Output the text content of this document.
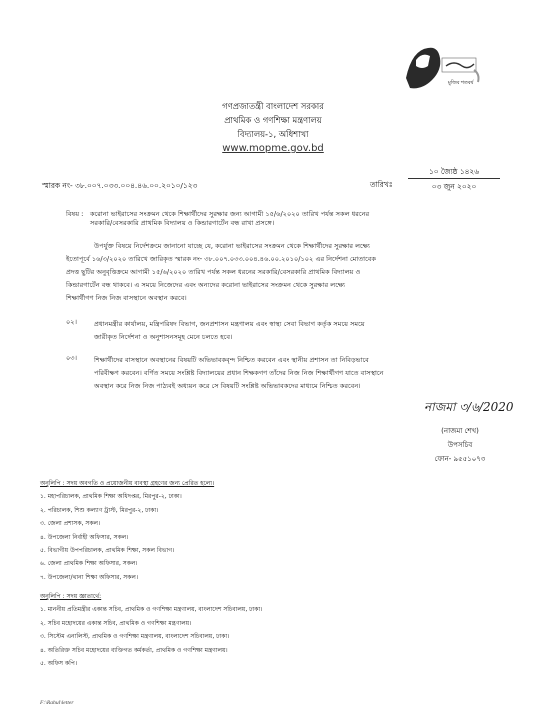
মুজিব শতবর্ষ
গণপ্রজাতন্ত্রী বাংলাদেশ সরকার
প্রাথমিক ও গণশিক্ষা মন্ত্রণালয়
বিদ্যালয়-১, অধিশাখা
www.mopme.gov.bd
স্মারক নং- ৩৮.০০৭.০৩৩.০০৪.৪৬.০০.২০১০/১২৩	তারিখঃ
১০ জ্যৈষ্ঠ ১৪২৬
০৩ জুন ২০২০
বিষয় : করোনা ভাইরাসের সংক্রমন থেকে শিক্ষার্থীদের সুরক্ষার জন্য আগামী ১৫/৬/২০২০ তারিখ পর্যন্ত সকল ধরনের
সরকারি/বেসরকারি প্রাথমিক বিদ্যালয় ও কিন্ডারগার্টেন বন্ধ রাখা প্রসঙ্গে।
উপর্যুক্ত বিষয়ে নির্দেশক্রমে জানানো যাচ্ছে যে, করোনা ভাইরাসের সংক্রমন থেকে শিক্ষার্থীদের সুরক্ষার লক্ষ্যে
ইতোপূর্বে ১৬/৩/২০২০ তারিখে জারিকৃত স্মারক নং- ৩৮.০০৭.০৩৩.০০৪.৪৬.০০.২০১০/১০২ এর নির্দেশনা মোতাবেক
প্রদত্ত ছুটির অনুবৃত্তিক্রমে আগামী ১৫/৬/২০২০ তারিখ পর্যন্ত সকল ধরনের সরকারি/বেসরকারি প্রাথমিক বিদ্যালয় ও
কিন্ডারগার্টেন বন্ধ থাকবে। এ সময়ে নিজেদের এবং অন্যদের করোনা ভাইরাসের সংক্রমন থেকে সুরক্ষার লক্ষ্যে
শিক্ষার্থীগণ নিজ নিজ বাসস্থানে অবস্থান করবে।
০২।	প্রধানমন্ত্রীর কার্যালয়, মন্ত্রিপরিষদ বিভাগ, জনপ্রশাসন মন্ত্রণালয় এবং স্বাস্থ্য সেবা বিভাগ কর্তৃক সময়ে সময়ে
জারীকৃত নির্দেশনা ও অনুশাসনসমূহ মেনে চলতে হবে।
০৩।	শিক্ষার্থীদের বাসস্থানে অবস্থানের বিষয়টি অভিভাবকবৃন্দ নিশ্চিত করবেন এবং স্থানীয় প্রশাসন তা নিবিড়ভাবে
পরিবীক্ষণ করবেন। বর্ণিত সময়ে সংশ্লিষ্ট বিদ্যালয়ের প্রধান শিক্ষকগণ তাঁদের নিজ নিজ শিক্ষার্থীগণ যাতে বাসস্থানে
অবস্থান করে নিজ নিজ পাঠ্যবই অধ্যয়ন করে সে বিষয়টি সংশ্লিষ্ট অভিভাবকদের মাধ্যমে নিশ্চিত করবেন।
নাজমা ৩/৬/2020
(নাজমা শেখ)
উপসচিব
ফোন- ৯৫৫১০৭৩
অনুলিপি : সদয় অবগতি ও প্রয়োজনীয় ব্যবস্থা গ্রহণের জন্য প্রেরিত হলো।
১. মহাপরিচালক, প্রাথমিক শিক্ষা অধিদপ্তর, মিরপুর-২, ঢাকা।
২. পরিচালক, শিশু কল্যাণ ট্রাস্ট, মিরপুর-২, ঢাকা।
৩. জেলা প্রশাসক, সকল।
৪. উপজেলা নির্বাহী অফিসার, সকল।
৫. বিভাগীয় উপপরিচালক, প্রাথমিক শিক্ষা, সকল বিভাগ।
৬. জেলা প্রাথমিক শিক্ষা অফিসার, সকল।
৭. উপজেলা/থানা শিক্ষা অফিসার, সকল।
অনুলিপি : সদয় জ্ঞাতার্থে:
১. মাননীয় প্রতিমন্ত্রীর একান্ত সচিব, প্রাথমিক ও গণশিক্ষা মন্ত্রণালয়, বাংলাদেশ সচিবালয়, ঢাকা।
২. সচিব মহোদয়ের একান্ত সচিব, প্রাথমিক ও গণশিক্ষা মন্ত্রণালয়।
৩. সিস্টেম এনালিস্ট, প্রাথমিক ও গণশিক্ষা মন্ত্রণালয়, বাংলাদেশ সচিবালয়, ঢাকা।
৪. অতিরিক্ত সচিব মহোদয়ের ব্যক্তিগত কর্মকর্তা, প্রাথমিক ও গণশিক্ষা মন্ত্রণালয়।
৫. অফিস কপি।
F:\Rahul\letter
